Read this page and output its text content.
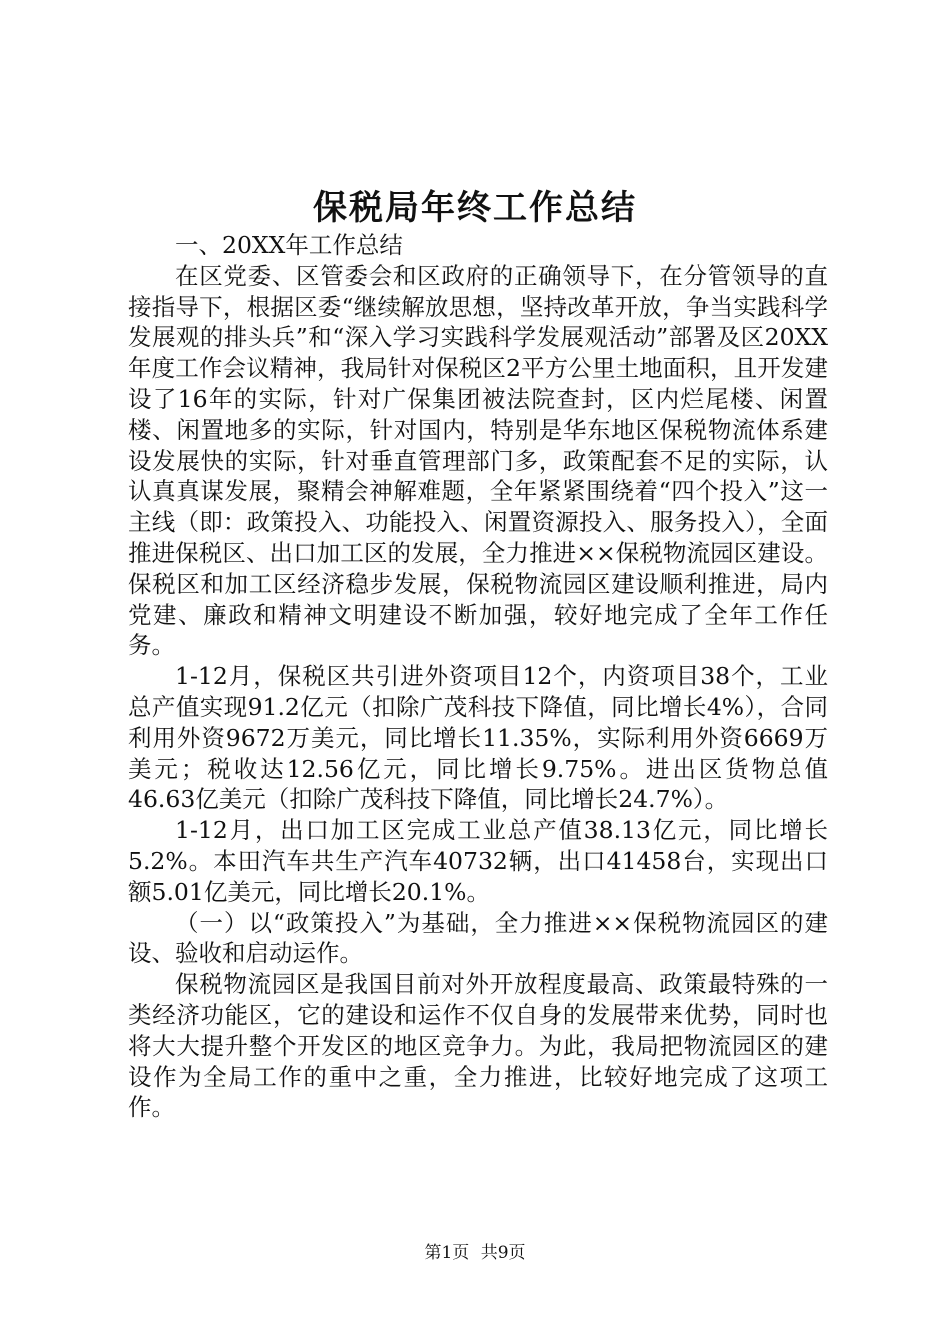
保税局年终工作总结

一、20XX年工作总结

在区党委、区管委会和区政府的正确领导下，在分管领导的直接指导下，根据区委“继续解放思想，坚持改革开放，争当实践科学发展观的排头兵”和“深入学习实践科学发展观活动”部署及区20XX年度工作会议精神，我局针对保税区2平方公里土地面积，且开发建设了16年的实际，针对广保集团被法院查封，区内烂尾楼、闲置楼、闲置地多的实际，针对国内，特别是华东地区保税物流体系建设发展快的实际，针对垂直管理部门多，政策配套不足的实际，认认真真谋发展，聚精会神解难题，全年紧紧围绕着“四个投入”这一主线（即：政策投入、功能投入、闲置资源投入、服务投入），全面推进保税区、出口加工区的发展，全力推进××保税物流园区建设。保税区和加工区经济稳步发展，保税物流园区建设顺利推进，局内党建、廉政和精神文明建设不断加强，较好地完成了全年工作任务。

1-12月，保税区共引进外资项目12个，内资项目38个，工业总产值实现91.2亿元（扣除广茂科技下降值，同比增长4%），合同利用外资9672万美元，同比增长11.35%，实际利用外资6669万美元；税收达12.56亿元，同比增长9.75%。进出区货物总值46.63亿美元（扣除广茂科技下降值，同比增长24.7%）。

1-12月，出口加工区完成工业总产值38.13亿元，同比增长5.2%。本田汽车共生产汽车40732辆，出口41458台，实现出口额5.01亿美元，同比增长20.1%。

（一）以“政策投入”为基础，全力推进××保税物流园区的建设、验收和启动运作。

保税物流园区是我国目前对外开放程度最高、政策最特殊的一类经济功能区，它的建设和运作不仅自身的发展带来优势，同时也将大大提升整个开发区的地区竞争力。为此，我局把物流园区的建设作为全局工作的重中之重，全力推进，比较好地完成了这项工作。

第1页 共9页
